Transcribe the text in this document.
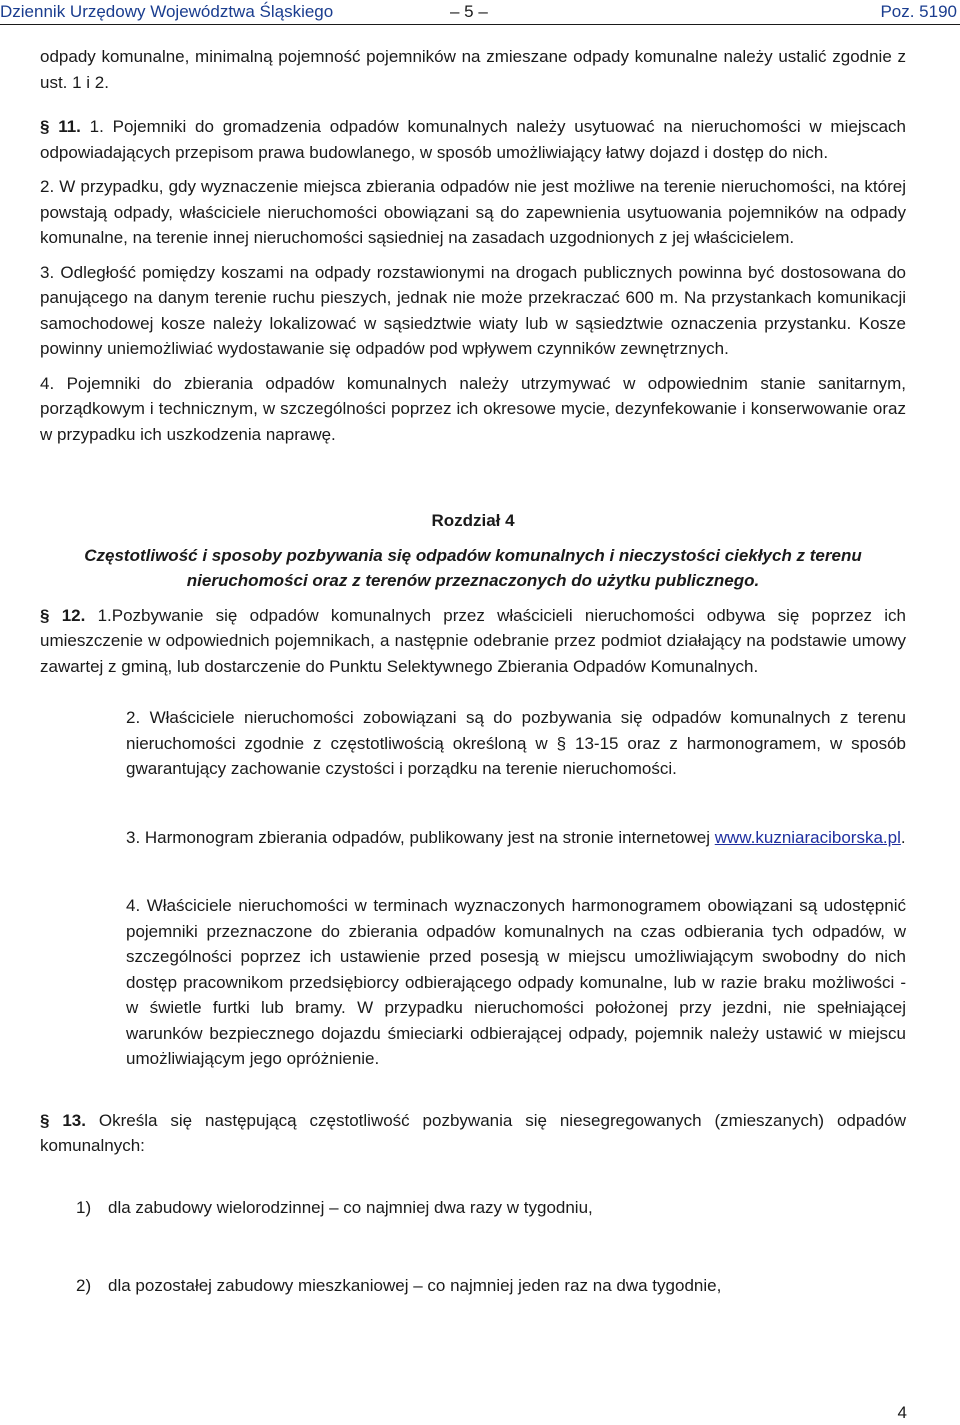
Dziennik Urzędowy Województwa Śląskiego	– 5 –	Poz. 5190

odpady komunalne, minimalną pojemność pojemników na zmieszane odpady komunalne należy ustalić zgodnie z ust. 1 i 2.

§ 11. 1. Pojemniki do gromadzenia odpadów komunalnych należy usytuować na nieruchomości w miejscach odpowiadających przepisom prawa budowlanego, w sposób umożliwiający łatwy dojazd i dostęp do nich.

2. W przypadku, gdy wyznaczenie miejsca zbierania odpadów nie jest możliwe na terenie nieruchomości, na której powstają odpady, właściciele nieruchomości obowiązani są do zapewnienia usytuowania pojemników na odpady komunalne, na terenie innej nieruchomości sąsiedniej na zasadach uzgodnionych z jej właścicielem.

3. Odległość pomiędzy koszami na odpady rozstawionymi na drogach publicznych powinna być dostosowana do panującego na danym terenie ruchu pieszych, jednak nie może przekraczać 600 m. Na przystankach komunikacji samochodowej kosze należy lokalizować w sąsiedztwie wiaty lub w sąsiedztwie oznaczenia przystanku. Kosze powinny uniemożliwiać wydostawanie się odpadów pod wpływem czynników zewnętrznych.

4. Pojemniki do zbierania odpadów komunalnych należy utrzymywać w odpowiednim stanie sanitarnym, porządkowym i technicznym, w szczególności poprzez ich okresowe mycie, dezynfekowanie i konserwowanie oraz w przypadku ich uszkodzenia naprawę.

Rozdział 4

Częstotliwość i sposoby pozbywania się odpadów komunalnych i nieczystości ciekłych z terenu nieruchomości oraz z terenów przeznaczonych do użytku publicznego.

§ 12. 1.Pozbywanie się odpadów komunalnych przez właścicieli nieruchomości odbywa się poprzez ich umieszczenie w odpowiednich pojemnikach, a następnie odebranie przez podmiot działający na podstawie umowy zawartej z gminą, lub dostarczenie do Punktu Selektywnego Zbierania Odpadów Komunalnych.

2. Właściciele nieruchomości zobowiązani są do pozbywania się odpadów komunalnych z terenu nieruchomości zgodnie z częstotliwością określoną w § 13-15 oraz z harmonogramem, w sposób gwarantujący zachowanie czystości i porządku na terenie nieruchomości.

3. Harmonogram zbierania odpadów, publikowany jest na stronie internetowej www.kuzniaraciborska.pl.

4. Właściciele nieruchomości w terminach wyznaczonych harmonogramem obowiązani są udostępnić pojemniki przeznaczone do zbierania odpadów komunalnych na czas odbierania tych odpadów, w szczególności poprzez ich ustawienie przed posesją w miejscu umożliwiającym swobodny do nich dostęp pracownikom przedsiębiorcy odbierającego odpady komunalne, lub w razie braku możliwości - w świetle furtki lub bramy. W przypadku nieruchomości położonej przy jezdni, nie spełniającej warunków bezpiecznego dojazdu śmieciarki odbierającej odpady, pojemnik należy ustawić w miejscu umożliwiającym jego opróżnienie.

§ 13. Określa się następującą częstotliwość pozbywania się niesegregowanych (zmieszanych) odpadów komunalnych:

1) dla zabudowy wielorodzinnej – co najmniej dwa razy w tygodniu,

2) dla pozostałej zabudowy mieszkaniowej – co najmniej jeden raz na dwa tygodnie,

4
